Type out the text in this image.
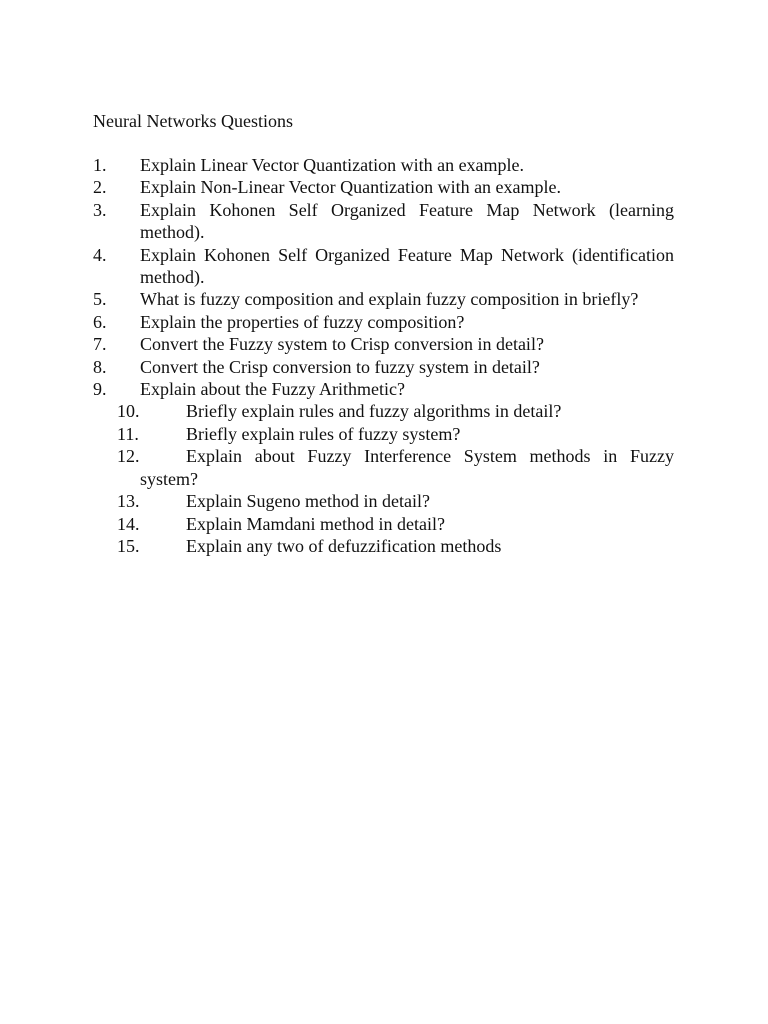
Neural Networks Questions
1.	Explain Linear Vector Quantization with an example.
2.	Explain Non-Linear Vector Quantization with an example.
3.	Explain Kohonen Self Organized Feature Map Network (learning method).
4.	Explain Kohonen Self Organized Feature Map Network (identification method).
5.	What is fuzzy composition and explain fuzzy composition in briefly?
6.	Explain the properties of fuzzy composition?
7.	Convert the Fuzzy system to Crisp conversion in detail?
8.	Convert the Crisp conversion to fuzzy system in detail?
9.	Explain about the Fuzzy Arithmetic?
10.	Briefly explain rules and fuzzy algorithms in detail?
11.	Briefly explain rules of fuzzy system?
12.	Explain about Fuzzy Interference System methods in Fuzzy system?
13.	Explain Sugeno method in detail?
14.	Explain Mamdani method in detail?
15.	Explain any two of defuzzification methods
